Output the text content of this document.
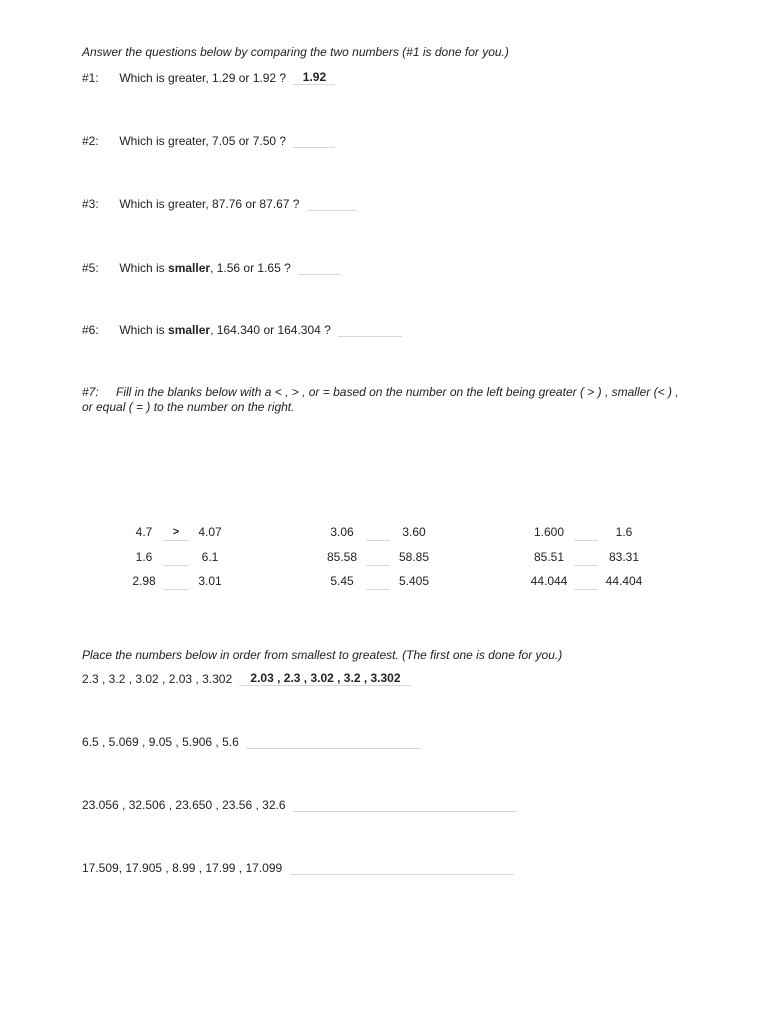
Answer the questions below by comparing the two numbers (#1 is done for you.)
#1: Which is greater, 1.29 or 1.92 ? 1.92
#2: Which is greater, 7.05 or 7.50 ?
#3: Which is greater, 87.76 or 87.67 ?
#5: Which is smaller, 1.56 or 1.65 ?
#6: Which is smaller, 164.340 or 164.304 ?
#7: Fill in the blanks below with a < , > , or = based on the number on the left being greater ( > ) , smaller (< ) , or equal ( = ) to the number on the right.
4.7	>	4.07
1.6	6.1
2.98	3.01
3.06	3.60
85.58	58.85
5.45	5.405
1.600	1.6
85.51	83.31
44.044	44.404
Place the numbers below in order from smallest to greatest. (The first one is done for you.)
2.3 , 3.2 , 3.02 , 2.03 , 3.302 2.03 , 2.3 , 3.02 , 3.2 , 3.302
6.5 , 5.069 , 9.05 , 5.906 , 5.6
23.056 , 32.506 , 23.650 , 23.56 , 32.6
17.509, 17.905 , 8.99 , 17.99 , 17.099
